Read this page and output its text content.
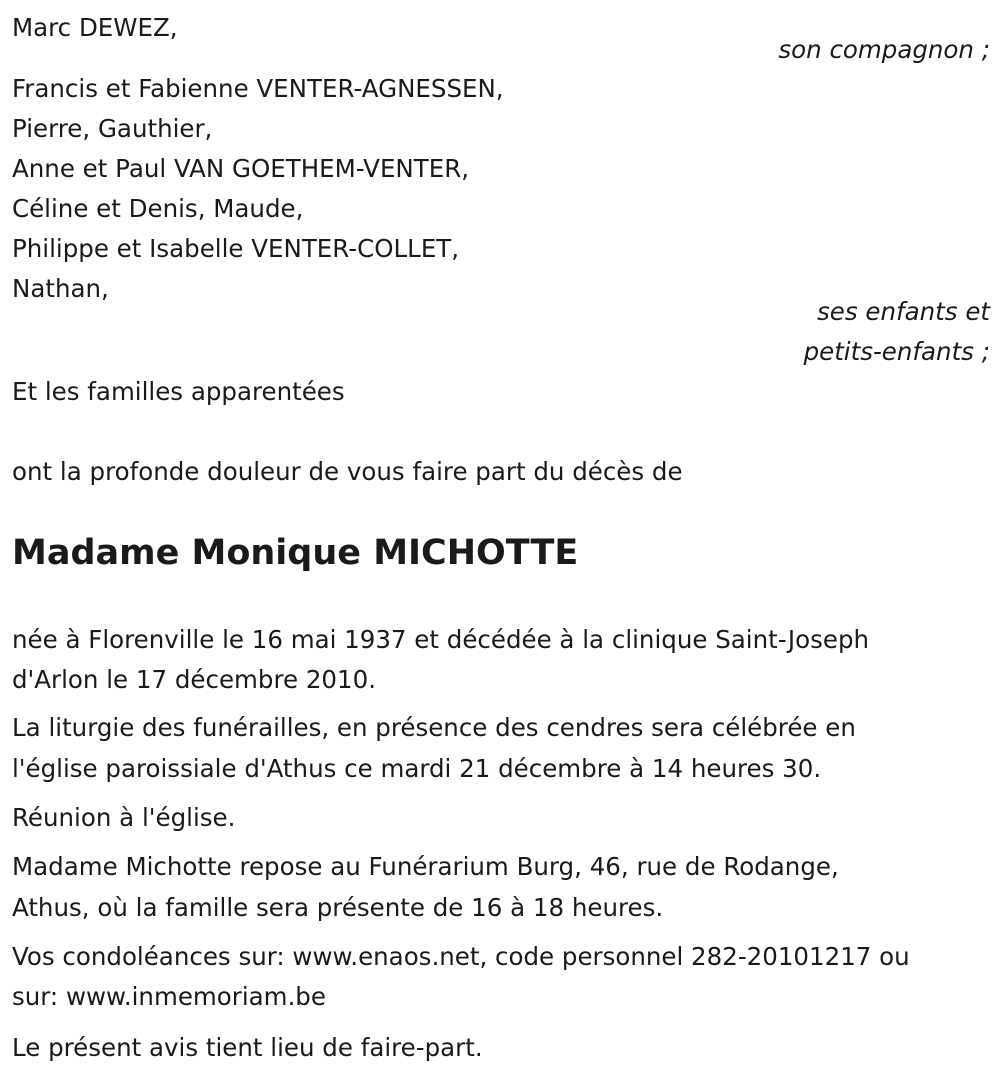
Marc DEWEZ,
son compagnon ;
Francis et Fabienne VENTER-AGNESSEN,
Pierre, Gauthier,
Anne et Paul VAN GOETHEM-VENTER,
Céline et Denis, Maude,
Philippe et Isabelle VENTER-COLLET,
Nathan,
ses enfants et
petits-enfants ;
Et les familles apparentées
ont la profonde douleur de vous faire part du décès de
Madame Monique MICHOTTE
née à Florenville le 16 mai 1937 et décédée à la clinique Saint-Joseph
d'Arlon le 17 décembre 2010.
La liturgie des funérailles, en présence des cendres sera célébrée en
l'église paroissiale d'Athus ce mardi 21 décembre à 14 heures 30.
Réunion à l'église.
Madame Michotte repose au Funérarium Burg, 46, rue de Rodange,
Athus, où la famille sera présente de 16 à 18 heures.
Vos condoléances sur: www.enaos.net, code personnel 282-20101217 ou
sur: www.inmemoriam.be
Le présent avis tient lieu de faire-part.
